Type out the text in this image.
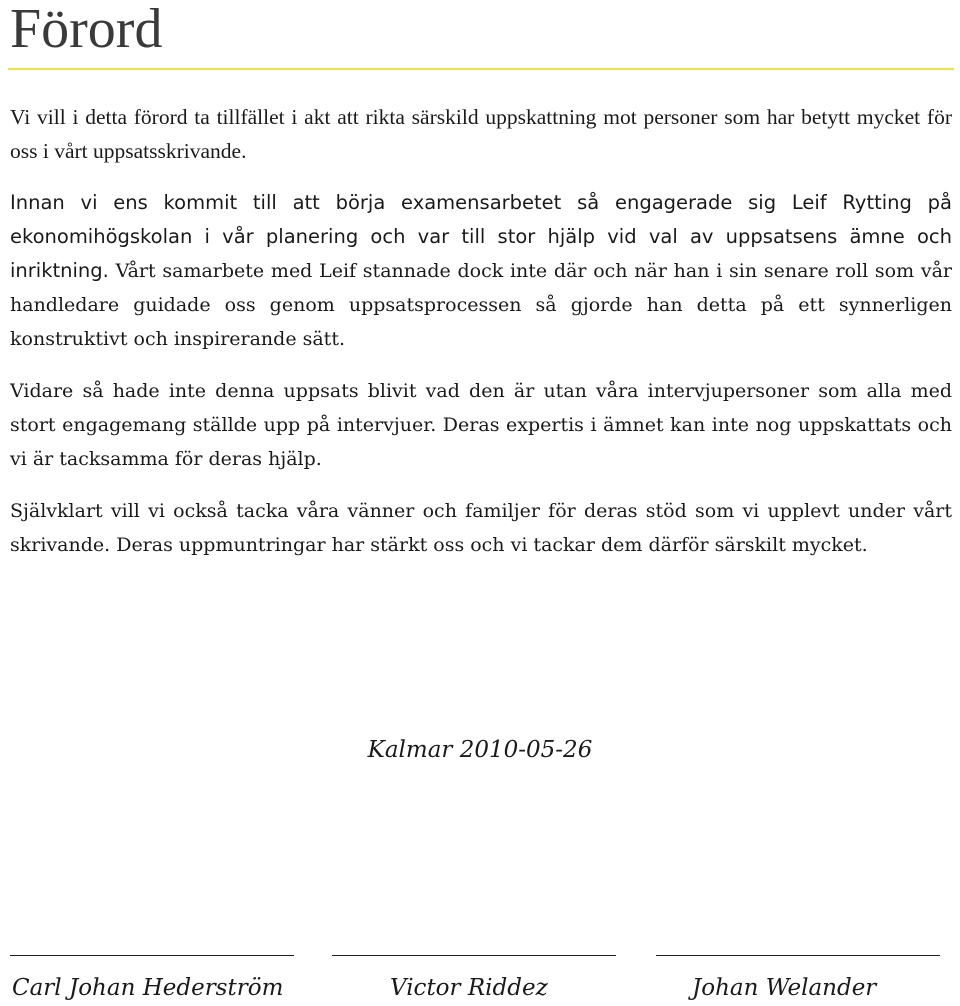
Förord

Vi vill i detta förord ta tillfället i akt att rikta särskild uppskattning mot personer som har betytt mycket för oss i vårt uppsatsskrivande.

Innan vi ens kommit till att börja examensarbetet så engagerade sig Leif Rytting på ekonomihögskolan i vår planering och var till stor hjälp vid val av uppsatsens ämne och inriktning. Vårt samarbete med Leif stannade dock inte där och när han i sin senare roll som vår handledare guidade oss genom uppsatsprocessen så gjorde han detta på ett synnerligen konstruktivt och inspirerande sätt.

Vidare så hade inte denna uppsats blivit vad den är utan våra intervjupersoner som alla med stort engagemang ställde upp på intervjuer. Deras expertis i ämnet kan inte nog uppskattats och vi är tacksamma för deras hjälp.

Självklart vill vi också tacka våra vänner och familjer för deras stöd som vi upplevt under vårt skrivande. Deras uppmuntringar har stärkt oss och vi tackar dem därför särskilt mycket.

Kalmar 2010-05-26
Carl Johan Hederström	Victor Riddez	Johan Welander
